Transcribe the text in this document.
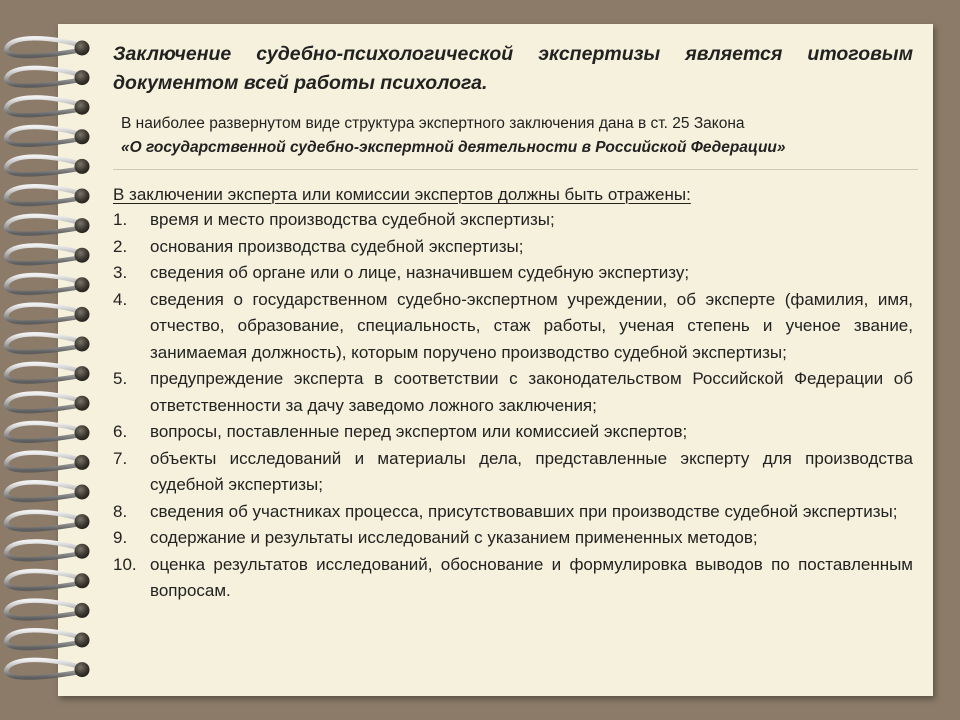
Заключение судебно-психологической экспертизы является итоговым документом всей работы психолога.

В наиболее развернутом виде структура экспертного заключения дана в ст. 25 Закона
«О государственной судебно-экспертной деятельности в Российской Федерации»

В заключении эксперта или комиссии экспертов должны быть отражены:

1.	время и место производства судебной экспертизы;
2.	основания производства судебной экспертизы;
3.	сведения об органе или о лице, назначившем судебную экспертизу;
4.	сведения о государственном судебно-экспертном учреждении, об эксперте (фамилия, имя, отчество, образование, специальность, стаж работы, ученая степень и ученое звание, занимаемая должность), которым поручено производство судебной экспертизы;
5.	предупреждение эксперта в соответствии с законодательством Российской Федерации об ответственности за дачу заведомо ложного заключения;
6.	вопросы, поставленные перед экспертом или комиссией экспертов;
7.	объекты исследований и материалы дела, представленные эксперту для производства судебной экспертизы;
8.	сведения об участниках процесса, присутствовавших при производстве судебной экспертизы;
9.	содержание и результаты исследований с указанием примененных методов;
10. оценка результатов исследований, обоснование и формулировка выводов по поставленным вопросам.
